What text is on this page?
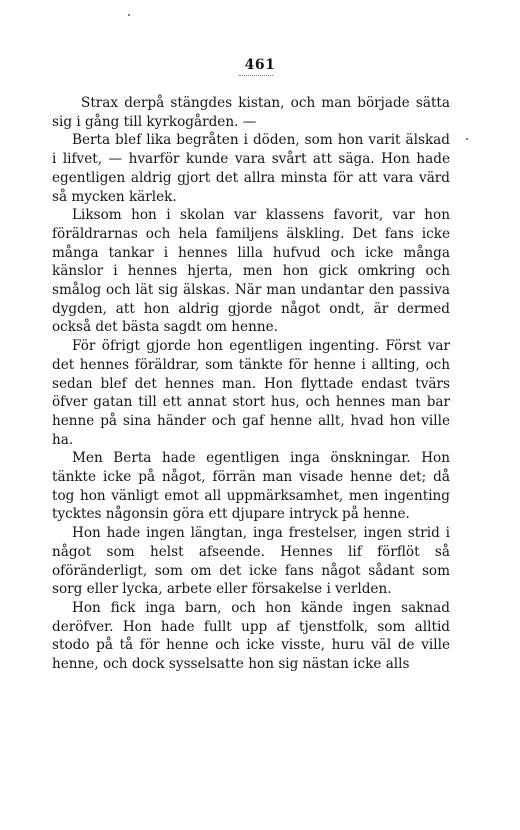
461

Strax derpå stängdes kistan, och man började sätta sig i gång till kyrkogården. —

Berta blef lika begråten i döden, som hon varit älskad i lifvet, — hvarför kunde vara svårt att säga. Hon hade egentligen aldrig gjort det allra minsta för att vara värd så mycken kärlek.

Liksom hon i skolan var klassens favorit, var hon föräldrarnas och hela familjens älskling. Det fans icke många tankar i hennes lilla hufvud och icke många känslor i hennes hjerta, men hon gick omkring och smålog och lät sig älskas. När man undantar den passiva dygden, att hon aldrig gjorde något ondt, är dermed också det bästa sagdt om henne.

För öfrigt gjorde hon egentligen ingenting. Först var det hennes föräldrar, som tänkte för henne i allting, och sedan blef det hennes man. Hon flyttade endast tvärs öfver gatan till ett annat stort hus, och hennes man bar henne på sina händer och gaf henne allt, hvad hon ville ha.

Men Berta hade egentligen inga önskningar. Hon tänkte icke på något, förrän man visade henne det; då tog hon vänligt emot all uppmärksamhet, men ingenting tycktes någonsin göra ett djupare intryck på henne.

Hon hade ingen längtan, inga frestelser, ingen strid i något som helst afseende. Hennes lif förflöt så oföränderligt, som om det icke fans något sådant som sorg eller lycka, arbete eller försakelse i verlden.

Hon fick inga barn, och hon kände ingen saknad deröfver. Hon hade fullt upp af tjenstfolk, som alltid stodo på tå för henne och icke visste, huru väl de ville henne, och dock sysselsatte hon sig nästan icke alls
